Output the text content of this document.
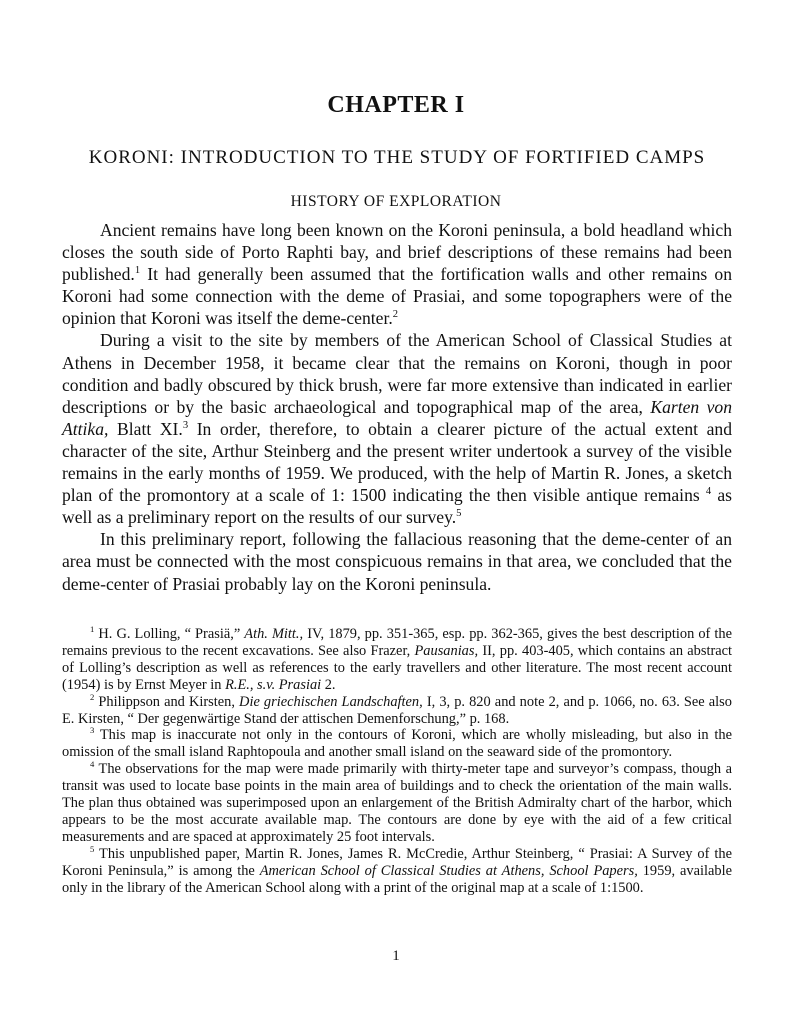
CHAPTER I
KORONI: INTRODUCTION TO THE STUDY OF FORTIFIED CAMPS
HISTORY OF EXPLORATION

Ancient remains have long been known on the Koroni peninsula, a bold headland which closes the south side of Porto Raphti bay, and brief descriptions of these remains had been published.$^1$ It had generally been assumed that the fortification walls and other remains on Koroni had some connection with the deme of Prasiai, and some topographers were of the opinion that Koroni was itself the deme-center.$^2$

During a visit to the site by members of the American School of Classical Studies at Athens in December 1958, it became clear that the remains on Koroni, though in poor condition and badly obscured by thick brush, were far more extensive than indicated in earlier descriptions or by the basic archaeological and topographical map of the area, Karten von Attika, Blatt XI.$^3$ In order, therefore, to obtain a clearer picture of the actual extent and character of the site, Arthur Steinberg and the present writer undertook a survey of the visible remains in the early months of 1959. We produced, with the help of Martin R. Jones, a sketch plan of the promontory at a scale of 1: 1500 indicating the then visible antique remains $^4$ as well as a preliminary report on the results of our survey.$^5$

In this preliminary report, following the fallacious reasoning that the deme-center of an area must be connected with the most conspicuous remains in that area, we concluded that the deme-center of Prasiai probably lay on the Koroni peninsula.

$^1$ H. G. Lolling, “ Prasiä,” Ath. Mitt., IV, 1879, pp. 351-365, esp. pp. 362-365, gives the best description of the remains previous to the recent excavations. See also Frazer, Pausanias, II, pp. 403-405, which contains an abstract of Lolling’s description as well as references to the early travellers and other literature. The most recent account (1954) is by Ernst Meyer in R.E., s.v. Prasiai 2.

$^2$ Philippson and Kirsten, Die griechischen Landschaften, I, 3, p. 820 and note 2, and p. 1066, no. 63. See also E. Kirsten, “ Der gegenwärtige Stand der attischen Demenforschung,” p. 168.

$^3$ This map is inaccurate not only in the contours of Koroni, which are wholly misleading, but also in the omission of the small island Raphtopoula and another small island on the seaward side of the promontory.

$^4$ The observations for the map were made primarily with thirty-meter tape and surveyor’s compass, though a transit was used to locate base points in the main area of buildings and to check the orientation of the main walls. The plan thus obtained was superimposed upon an enlargement of the British Admiralty chart of the harbor, which appears to be the most accurate available map. The contours are done by eye with the aid of a few critical measurements and are spaced at approximately 25 foot intervals.

$^5$ This unpublished paper, Martin R. Jones, James R. McCredie, Arthur Steinberg, “ Prasiai: A Survey of the Koroni Peninsula,” is among the American School of Classical Studies at Athens, School Papers, 1959, available only in the library of the American School along with a print of the original map at a scale of 1:1500.

1
